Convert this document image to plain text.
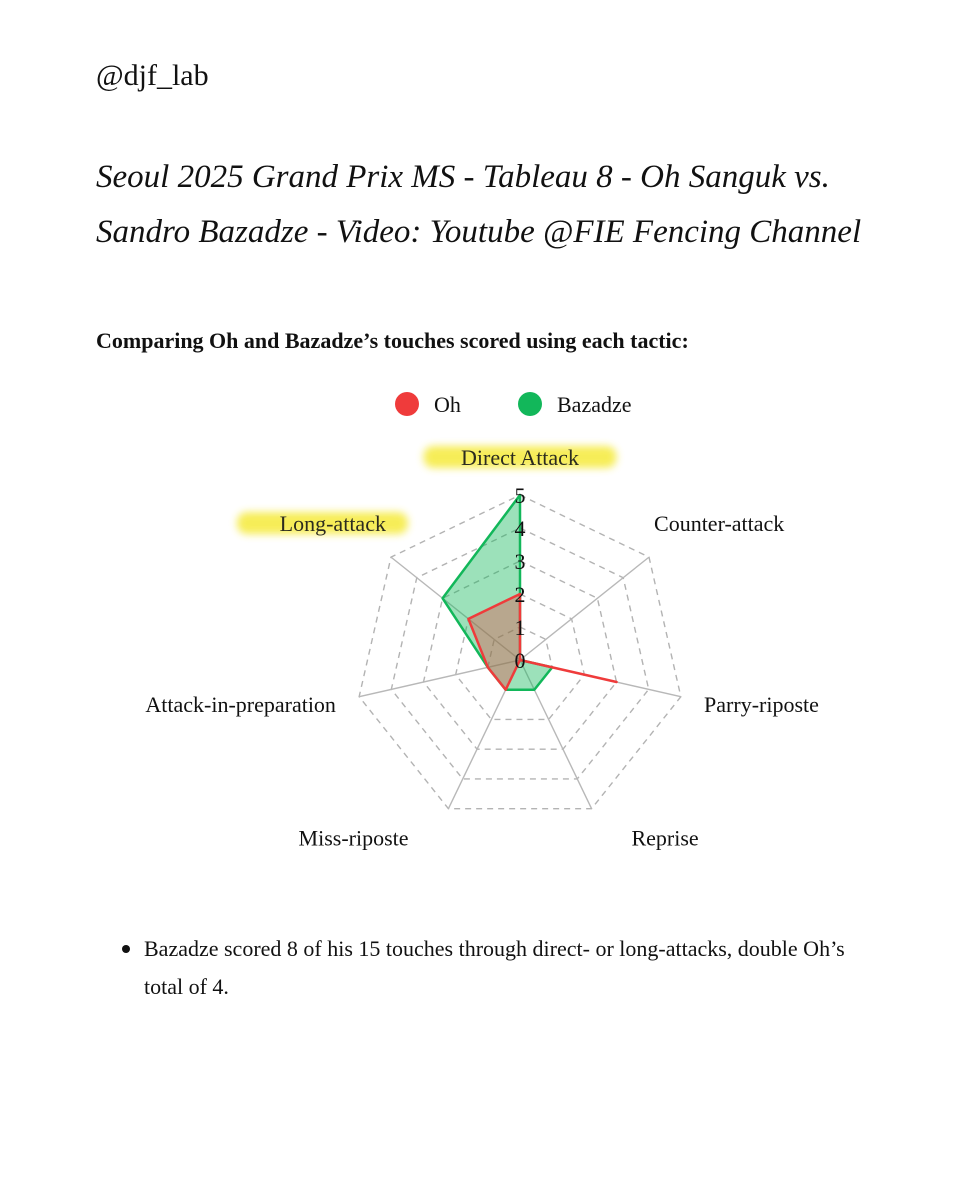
@djf_lab
Seoul 2025 Grand Prix MS - Tableau 8 - Oh Sanguk vs. Sandro Bazadze - Video: Youtube @FIE Fencing Channel
Comparing Oh and Bazadze’s touches scored using each tactic:
Oh	Bazadze
0
1
2
3
4
5
Direct Attack
Counter-attack
Parry-riposte
Reprise
Miss-riposte
Attack-in-preparation
Long-attack
Bazadze scored 8 of his 15 touches through direct- or long-attacks, double Oh’s total of 4.
